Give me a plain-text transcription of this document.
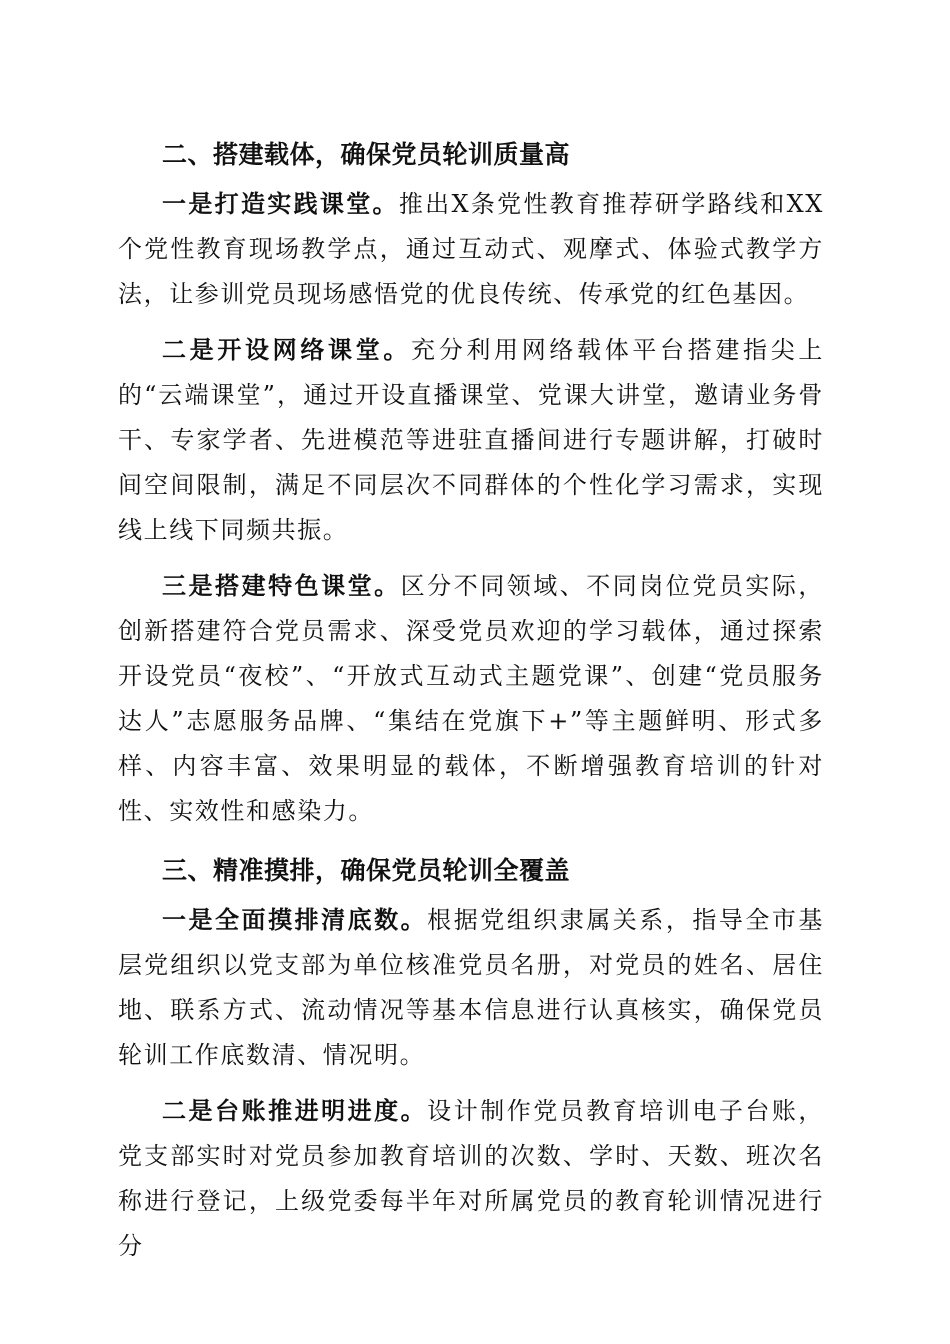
二、搭建载体，确保党员轮训质量高

一是打造实践课堂。推出X条党性教育推荐研学路线和XX个党性教育现场教学点，通过互动式、观摩式、体验式教学方法，让参训党员现场感悟党的优良传统、传承党的红色基因。

二是开设网络课堂。充分利用网络载体平台搭建指尖上的“云端课堂”，通过开设直播课堂、党课大讲堂，邀请业务骨干、专家学者、先进模范等进驻直播间进行专题讲解，打破时间空间限制，满足不同层次不同群体的个性化学习需求，实现线上线下同频共振。

三是搭建特色课堂。区分不同领域、不同岗位党员实际，创新搭建符合党员需求、深受党员欢迎的学习载体，通过探索开设党员“夜校”、“开放式互动式主题党课”、创建“党员服务达人”志愿服务品牌、“集结在党旗下+”等主题鲜明、形式多样、内容丰富、效果明显的载体，不断增强教育培训的针对性、实效性和感染力。

三、精准摸排，确保党员轮训全覆盖

一是全面摸排清底数。根据党组织隶属关系，指导全市基层党组织以党支部为单位核准党员名册，对党员的姓名、居住地、联系方式、流动情况等基本信息进行认真核实，确保党员轮训工作底数清、情况明。

二是台账推进明进度。设计制作党员教育培训电子台账，党支部实时对党员参加教育培训的次数、学时、天数、班次名称进行登记，上级党委每半年对所属党员的教育轮训情况进行分
